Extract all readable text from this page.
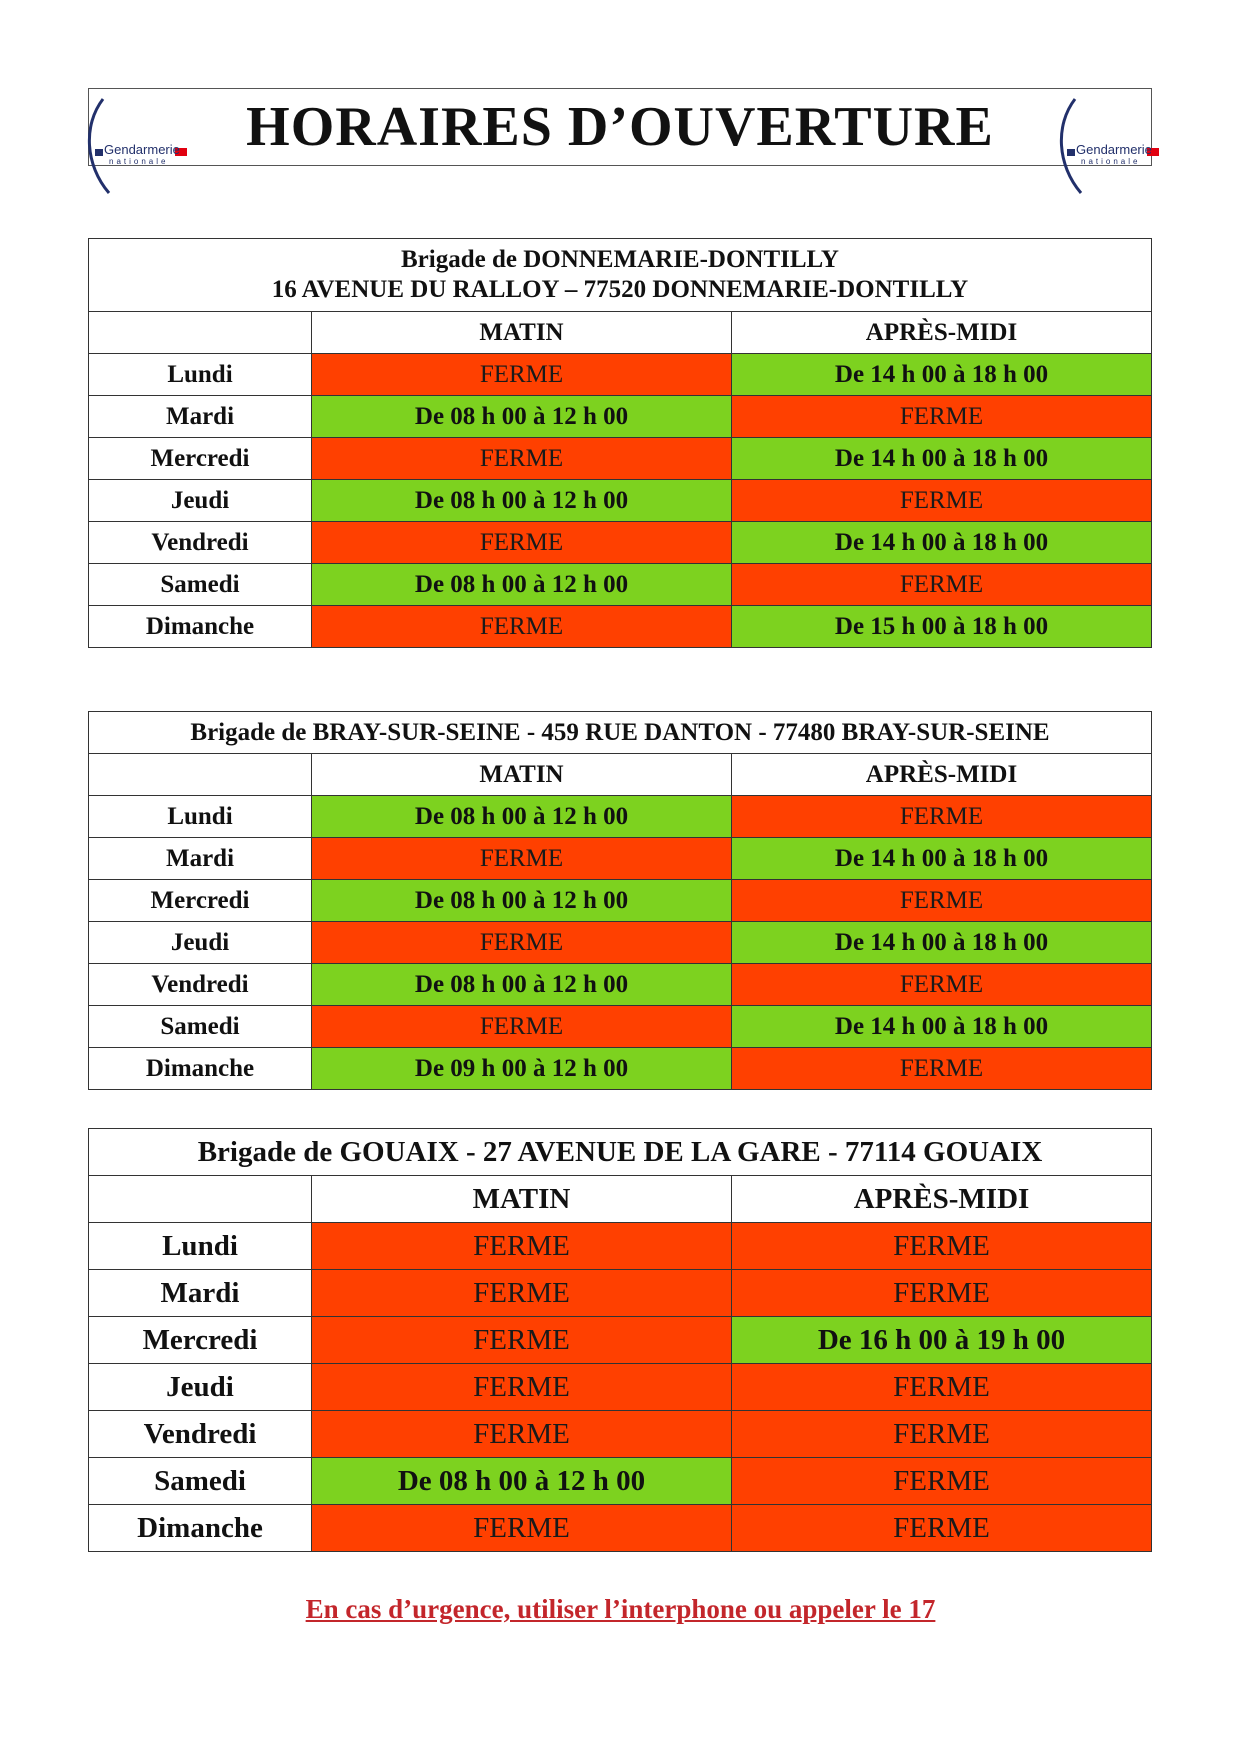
Gendarmerie
nationale
HORAIRES D’OUVERTURE	Gendarmerie
nationale
Brigade de DONNEMARIE-DONTILLY
16 AVENUE DU RALLOY – 77520 DONNEMARIE-DONTILLY		

	MATIN	APRÈS-MIDI
Lundi	FERME	De 14 h 00 à 18 h 00
Mardi	De 08 h 00 à 12 h 00	FERME
Mercredi	FERME	De 14 h 00 à 18 h 00
Jeudi	De 08 h 00 à 12 h 00	FERME
Vendredi	FERME	De 14 h 00 à 18 h 00
Samedi	De 08 h 00 à 12 h 00	FERME
Dimanche	FERME	De 15 h 00 à 18 h 00
Brigade de BRAY-SUR-SEINE - 459 RUE DANTON - 77480 BRAY-SUR-SEINE		
	MATIN	APRÈS-MIDI
Lundi	De 08 h 00 à 12 h 00	FERME
Mardi	FERME	De 14 h 00 à 18 h 00
Mercredi	De 08 h 00 à 12 h 00	FERME
Jeudi	FERME	De 14 h 00 à 18 h 00
Vendredi	De 08 h 00 à 12 h 00	FERME
Samedi	FERME	De 14 h 00 à 18 h 00
Dimanche	De 09 h 00 à 12 h 00	FERME
Brigade de GOUAIX - 27 AVENUE DE LA GARE - 77114 GOUAIX		
	MATIN	APRÈS-MIDI
Lundi	FERME	FERME
Mardi	FERME	FERME
Mercredi	FERME	De 16 h 00 à 19 h 00
Jeudi	FERME	FERME
Vendredi	FERME	FERME
Samedi	De 08 h 00 à 12 h 00	FERME
Dimanche	FERME	FERME
En cas d’urgence, utiliser l’interphone ou appeler le 17
